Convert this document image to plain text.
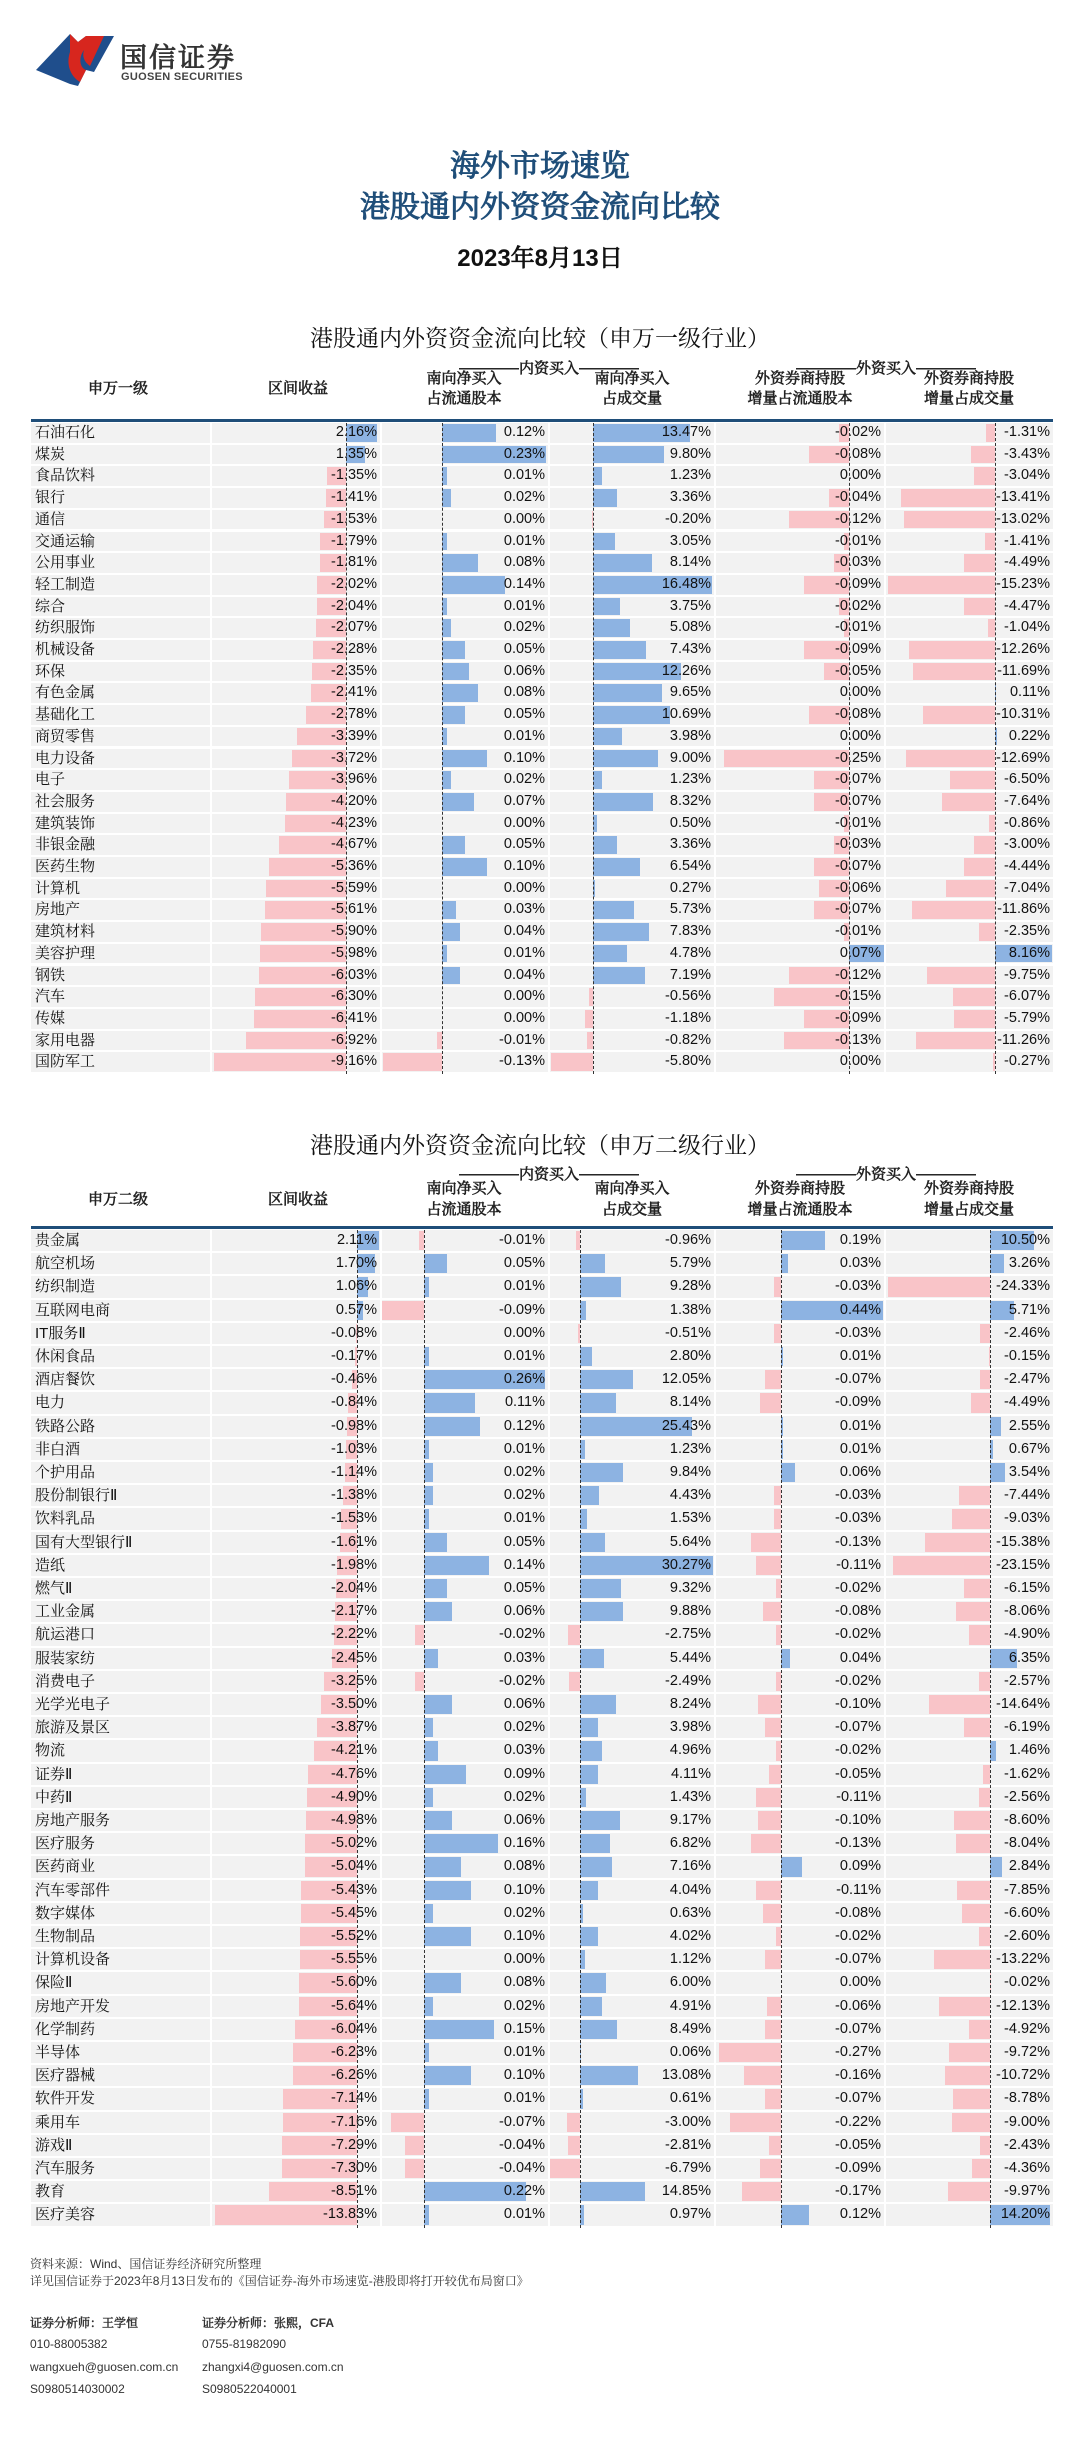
国信证券
GUOSEN SECURITIES
海外市场速览
港股通内外资资金流向比较
2023年8月13日
港股通内外资资金流向比较（申万一级行业）
————内资买入————	————外资买入————
申万一级	区间收益
南向净买入
占流通股本
南向净买入
占成交量
外资券商持股
增量占流通股本
外资券商持股
增量占成交量
石油石化	2.16%	0.12%	13.47%	-0.02%	-1.31%
煤炭	1.35%	0.23%	9.80%	-0.08%	-3.43%
食品饮料	-1.35%	0.01%	1.23%	0.00%	-3.04%
银行	-1.41%	0.02%	3.36%	-0.04%	-13.41%
通信	-1.53%	0.00%	-0.20%	-0.12%	-13.02%
交通运输	-1.79%	0.01%	3.05%	-0.01%	-1.41%
公用事业	-1.81%	0.08%	8.14%	-0.03%	-4.49%
轻工制造	-2.02%	0.14%	16.48%	-0.09%	-15.23%
综合	-2.04%	0.01%	3.75%	-0.02%	-4.47%
纺织服饰	-2.07%	0.02%	5.08%	-0.01%	-1.04%
机械设备	-2.28%	0.05%	7.43%	-0.09%	-12.26%
环保	-2.35%	0.06%	12.26%	-0.05%	-11.69%
有色金属	-2.41%	0.08%	9.65%	0.00%	0.11%
基础化工	-2.78%	0.05%	10.69%	-0.08%	-10.31%
商贸零售	-3.39%	0.01%	3.98%	0.00%	0.22%
电力设备	-3.72%	0.10%	9.00%	-0.25%	-12.69%
电子	-3.96%	0.02%	1.23%	-0.07%	-6.50%
社会服务	-4.20%	0.07%	8.32%	-0.07%	-7.64%
建筑装饰	-4.23%	0.00%	0.50%	-0.01%	-0.86%
非银金融	-4.67%	0.05%	3.36%	-0.03%	-3.00%
医药生物	-5.36%	0.10%	6.54%	-0.07%	-4.44%
计算机	-5.59%	0.00%	0.27%	-0.06%	-7.04%
房地产	-5.61%	0.03%	5.73%	-0.07%	-11.86%
建筑材料	-5.90%	0.04%	7.83%	-0.01%	-2.35%
美容护理	-5.98%	0.01%	4.78%	0.07%	8.16%
钢铁	-6.03%	0.04%	7.19%	-0.12%	-9.75%
汽车	-6.30%	0.00%	-0.56%	-0.15%	-6.07%
传媒	-6.41%	0.00%	-1.18%	-0.09%	-5.79%
家用电器	-6.92%	-0.01%	-0.82%	-0.13%	-11.26%
国防军工	-9.16%	-0.13%	-5.80%	0.00%	-0.27%
港股通内外资资金流向比较（申万二级行业）
————内资买入————	————外资买入————
申万二级	区间收益
南向净买入
占流通股本
南向净买入
占成交量
外资券商持股
增量占流通股本
外资券商持股
增量占成交量
贵金属	2.11%	-0.01%	-0.96%	0.19%	10.50%
航空机场	1.70%	0.05%	5.79%	0.03%	3.26%
纺织制造	1.06%	0.01%	9.28%	-0.03%	-24.33%
互联网电商	0.57%	-0.09%	1.38%	0.44%	5.71%
IT服务Ⅱ	-0.08%	0.00%	-0.51%	-0.03%	-2.46%
休闲食品	-0.17%	0.01%	2.80%	0.01%	-0.15%
酒店餐饮	-0.46%	0.26%	12.05%	-0.07%	-2.47%
电力	-0.84%	0.11%	8.14%	-0.09%	-4.49%
铁路公路	-0.98%	0.12%	25.43%	0.01%	2.55%
非白酒	-1.03%	0.01%	1.23%	0.01%	0.67%
个护用品	-1.14%	0.02%	9.84%	0.06%	3.54%
股份制银行Ⅱ	-1.38%	0.02%	4.43%	-0.03%	-7.44%
饮料乳品	-1.53%	0.01%	1.53%	-0.03%	-9.03%
国有大型银行Ⅱ	-1.61%	0.05%	5.64%	-0.13%	-15.38%
造纸	-1.98%	0.14%	30.27%	-0.11%	-23.15%
燃气Ⅱ	-2.04%	0.05%	9.32%	-0.02%	-6.15%
工业金属	-2.17%	0.06%	9.88%	-0.08%	-8.06%
航运港口	-2.22%	-0.02%	-2.75%	-0.02%	-4.90%
服装家纺	-2.45%	0.03%	5.44%	0.04%	6.35%
消费电子	-3.25%	-0.02%	-2.49%	-0.02%	-2.57%
光学光电子	-3.50%	0.06%	8.24%	-0.10%	-14.64%
旅游及景区	-3.87%	0.02%	3.98%	-0.07%	-6.19%
物流	-4.21%	0.03%	4.96%	-0.02%	1.46%
证券Ⅱ	-4.76%	0.09%	4.11%	-0.05%	-1.62%
中药Ⅱ	-4.90%	0.02%	1.43%	-0.11%	-2.56%
房地产服务	-4.98%	0.06%	9.17%	-0.10%	-8.60%
医疗服务	-5.02%	0.16%	6.82%	-0.13%	-8.04%
医药商业	-5.04%	0.08%	7.16%	0.09%	2.84%
汽车零部件	-5.43%	0.10%	4.04%	-0.11%	-7.85%
数字媒体	-5.45%	0.02%	0.63%	-0.08%	-6.60%
生物制品	-5.52%	0.10%	4.02%	-0.02%	-2.60%
计算机设备	-5.55%	0.00%	1.12%	-0.07%	-13.22%
保险Ⅱ	-5.60%	0.08%	6.00%	0.00%	-0.02%
房地产开发	-5.64%	0.02%	4.91%	-0.06%	-12.13%
化学制药	-6.04%	0.15%	8.49%	-0.07%	-4.92%
半导体	-6.23%	0.01%	0.06%	-0.27%	-9.72%
医疗器械	-6.26%	0.10%	13.08%	-0.16%	-10.72%
软件开发	-7.14%	0.01%	0.61%	-0.07%	-8.78%
乘用车	-7.16%	-0.07%	-3.00%	-0.22%	-9.00%
游戏Ⅱ	-7.29%	-0.04%	-2.81%	-0.05%	-2.43%
汽车服务	-7.30%	-0.04%	-6.79%	-0.09%	-4.36%
教育	-8.51%	0.22%	14.85%	-0.17%	-9.97%
医疗美容	-13.83%	0.01%	0.97%	0.12%	14.20%
资料来源：Wind、国信证券经济研究所整理
详见国信证券于2023年8月13日发布的《国信证券-海外市场速览-港股即将打开较优布局窗口》
证券分析师：王学恒
010-88005382
wangxueh@guosen.com.cn
S0980514030002
证券分析师：张熙，CFA
0755-81982090
zhangxi4@guosen.com.cn
S0980522040001
